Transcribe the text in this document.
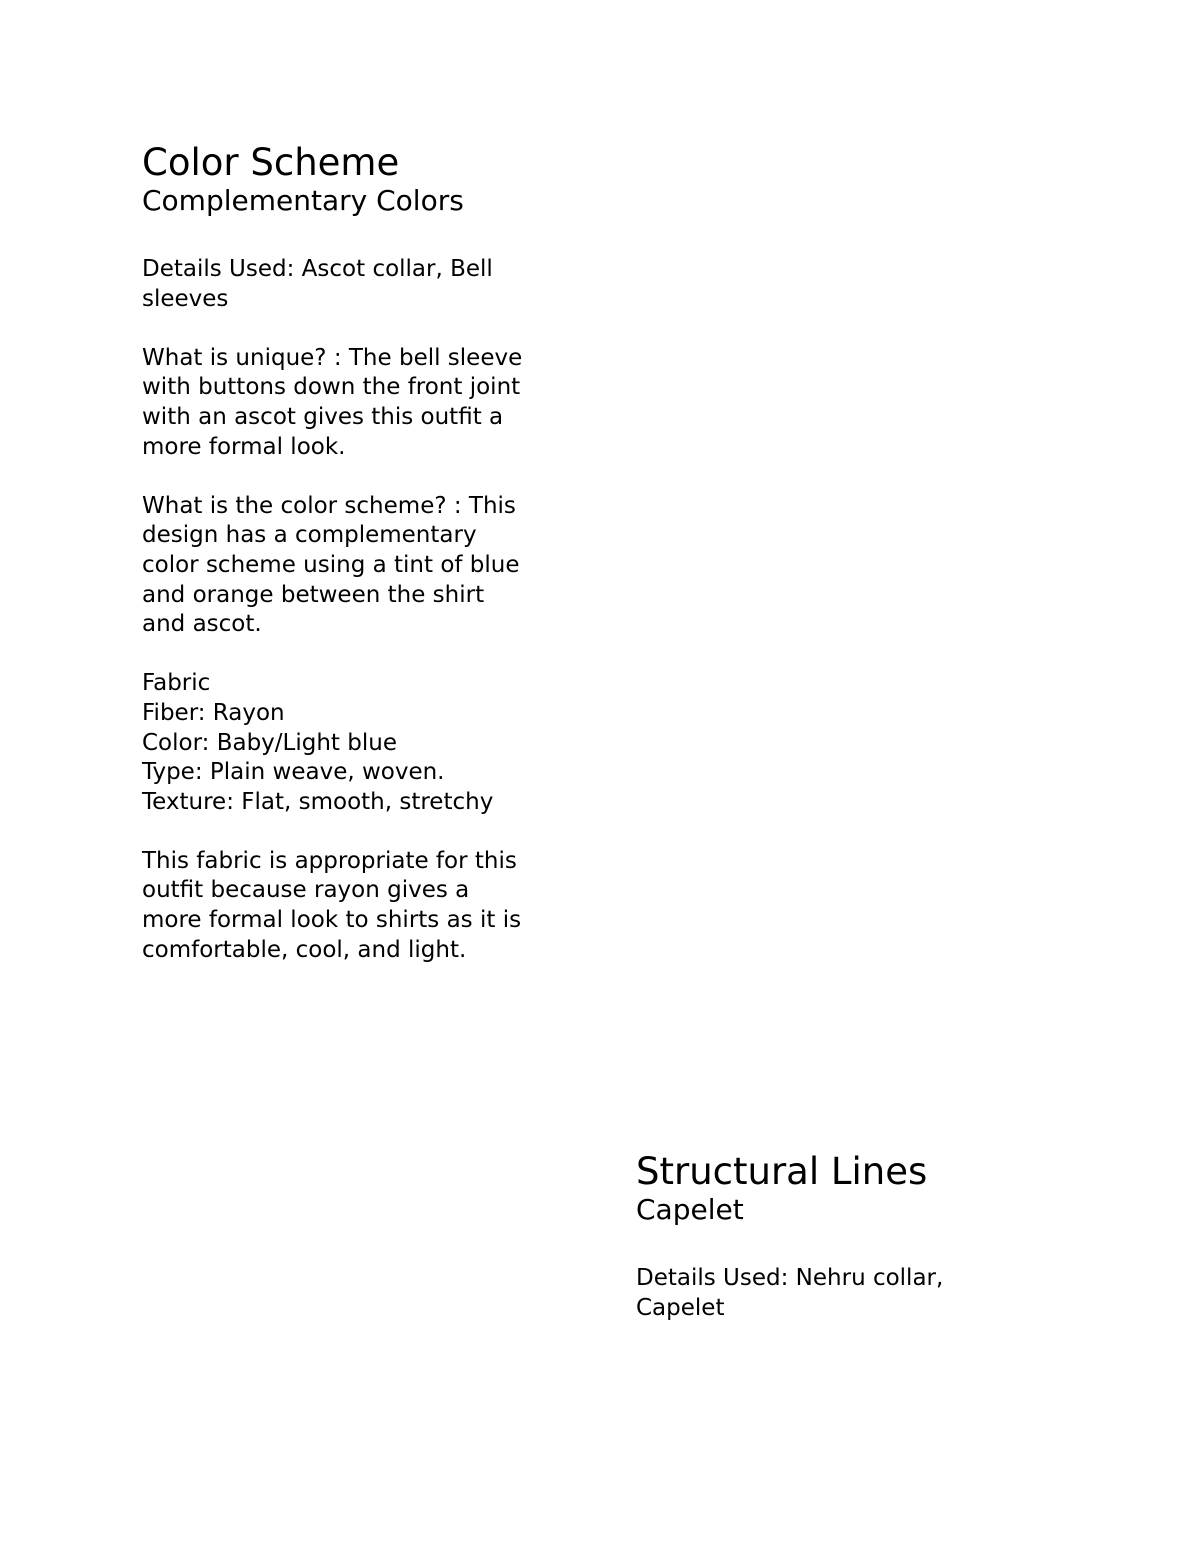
Color Scheme
Complementary Colors

Details Used: Ascot collar, Bell
sleeves

What is unique? : The bell sleeve
with buttons down the front joint
with an ascot gives this outfit a
more formal look.

What is the color scheme? : This
design has a complementary
color scheme using a tint of blue
and orange between the shirt
and ascot.

Fabric
Fiber: Rayon
Color: Baby/Light blue
Type: Plain weave, woven.
Texture: Flat, smooth, stretchy

This fabric is appropriate for this
outfit because rayon gives a
more formal look to shirts as it is
comfortable, cool, and light.

Structural Lines
Capelet

Details Used: Nehru collar,
Capelet
